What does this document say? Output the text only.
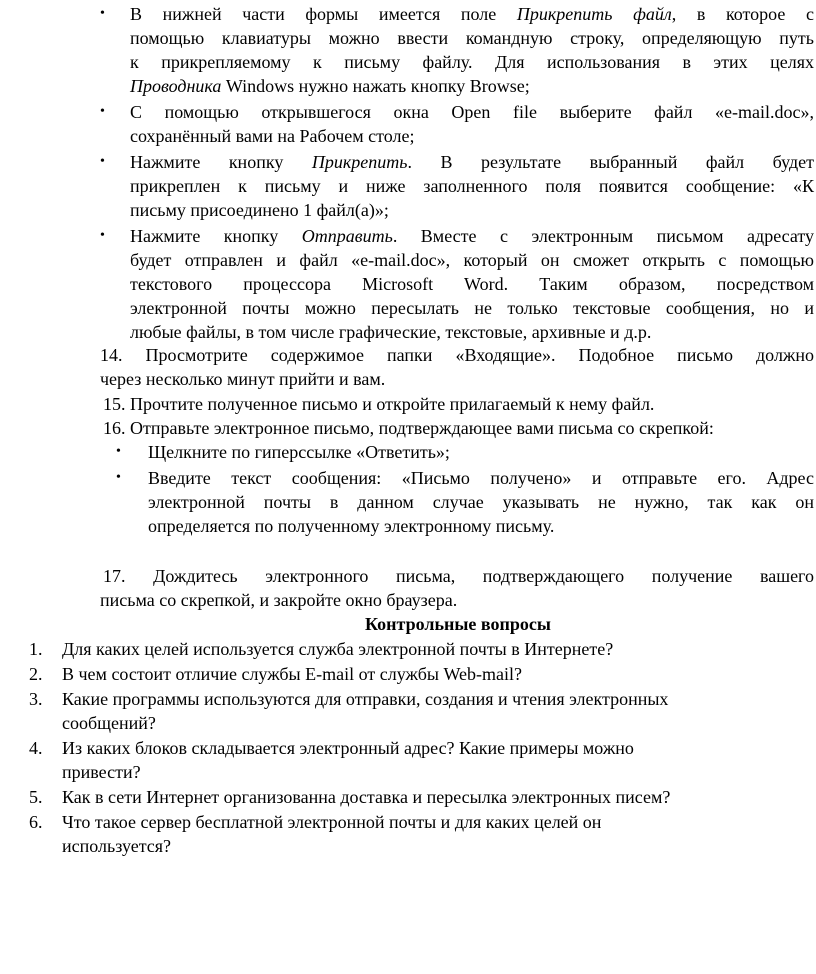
• В нижней части формы имеется поле Прикрепить файл, в которое с
помощью клавиатуры можно ввести командную строку, определяющую путь
к прикрепляемому к письму файлу. Для использования в этих целях
Проводника Windows нужно нажать кнопку Browse;
• С помощью открывшегося окна Open file выберите файл «e-mail.doc»,
сохранённый вами на Рабочем столе;
• Нажмите кнопку Прикрепить. В результате выбранный файл будет
прикреплен к письму и ниже заполненного поля появится сообщение: «К
письму присоединено 1 файл(а)»;
• Нажмите кнопку Отправить. Вместе с электронным письмом адресату
будет отправлен и файл «e-mail.doc», который он сможет открыть с помощью
текстового процессора Microsoft Word. Таким образом, посредством
электронной почты можно пересылать не только текстовые сообщения, но и
любые файлы, в том числе графические, текстовые, архивные и д.р.
14. Просмотрите содержимое папки «Входящие». Подобное письмо должно
через несколько минут прийти и вам.
15. Прочтите полученное письмо и откройте прилагаемый к нему файл.
16. Отправьте электронное письмо, подтверждающее вами письма со скрепкой:
• Щелкните по гиперссылке «Ответить»;
• Введите текст сообщения: «Письмо получено» и отправьте его. Адрес
электронной почты в данном случае указывать не нужно, так как он
определяется по полученному электронному письму.
17. Дождитесь электронного письма, подтверждающего получение вашего
письма со скрепкой, и закройте окно браузера.
Контрольные вопросы
1. Для каких целей используется служба электронной почты в Интернете?
2. В чем состоит отличие службы E-mail от службы Web-mail?
3. Какие программы используются для отправки, создания и чтения электронных
сообщений?
4. Из каких блоков складывается электронный адрес? Какие примеры можно
привести?
5. Как в сети Интернет организованна доставка и пересылка электронных писем?
6. Что такое сервер бесплатной электронной почты и для каких целей он
используется?
